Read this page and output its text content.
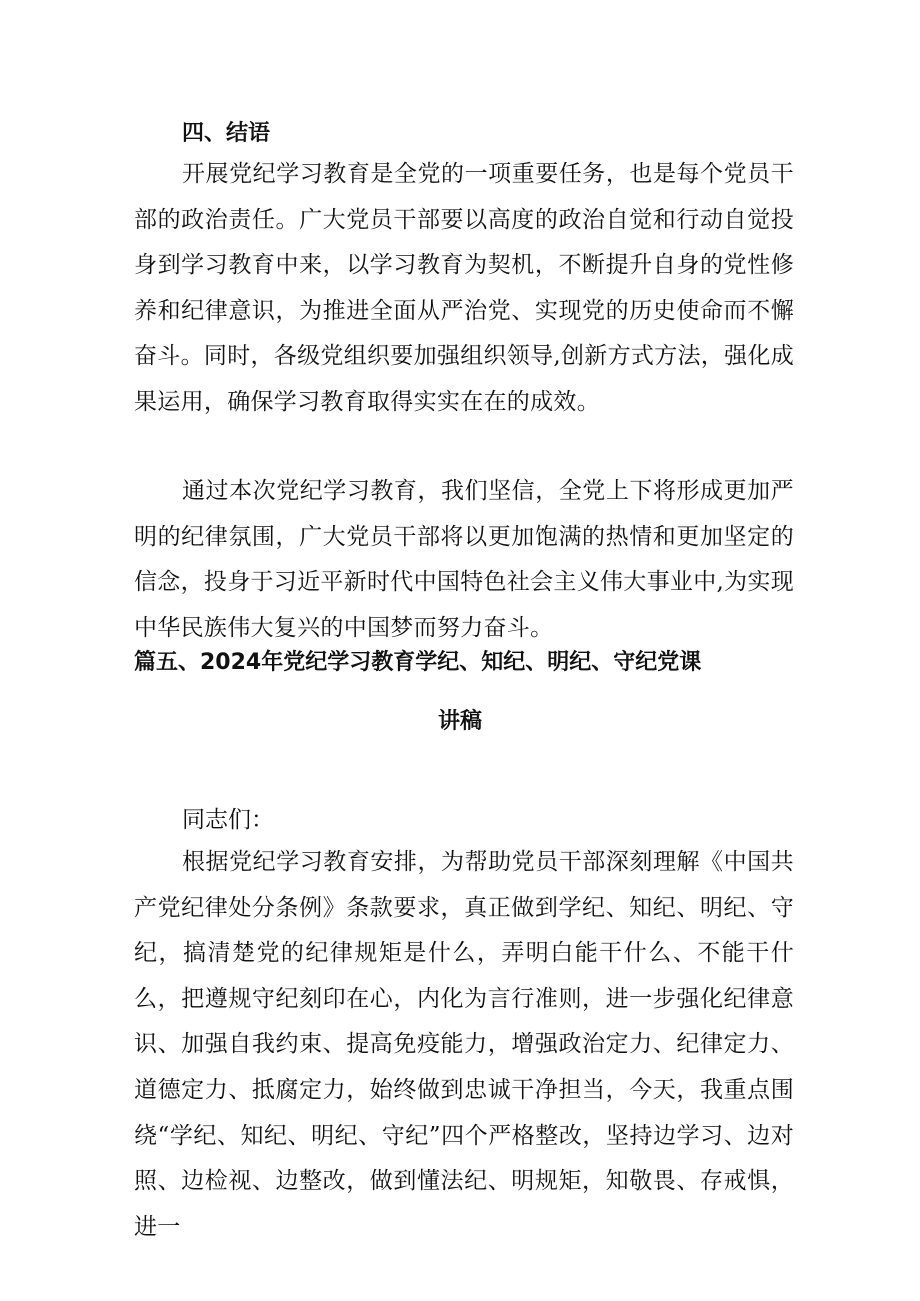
四、结语

开展党纪学习教育是全党的一项重要任务，也是每个党员干部的政治责任。广大党员干部要以高度的政治自觉和行动自觉投身到学习教育中来，以学习教育为契机，不断提升自身的党性修养和纪律意识，为推进全面从严治党、实现党的历史使命而不懈奋斗。同时，各级党组织要加强组织领导,创新方式方法，强化成果运用，确保学习教育取得实实在在的成效。

通过本次党纪学习教育，我们坚信，全党上下将形成更加严明的纪律氛围，广大党员干部将以更加饱满的热情和更加坚定的信念，投身于习近平新时代中国特色社会主义伟大事业中,为实现中华民族伟大复兴的中国梦而努力奋斗。

篇五、2024年党纪学习教育学纪、知纪、明纪、守纪党课
讲稿
同志们：

根据党纪学习教育安排，为帮助党员干部深刻理解《中国共产党纪律处分条例》条款要求，真正做到学纪、知纪、明纪、守纪，搞清楚党的纪律规矩是什么，弄明白能干什么、不能干什么，把遵规守纪刻印在心，内化为言行准则，进一步强化纪律意识、加强自我约束、提高免疫能力，增强政治定力、纪律定力、道德定力、抵腐定力，始终做到忠诚干净担当，今天，我重点围绕“学纪、知纪、明纪、守纪”四个严格整改，坚持边学习、边对照、边检视、边整改，做到懂法纪、明规矩，知敬畏、存戒惧，进一
